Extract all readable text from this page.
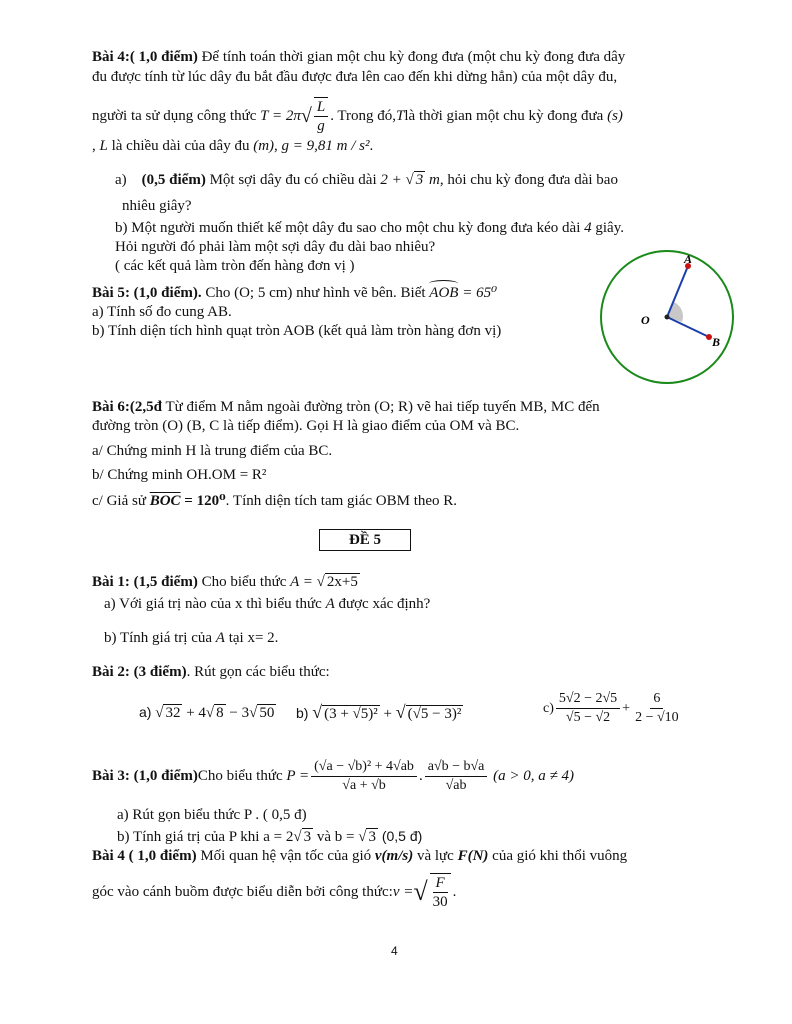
Bài 4:( 1,0 điểm) Để tính toán thời gian một chu kỳ đong đưa (một chu kỳ đong đưa dây
đu được tính từ lúc dây đu bắt đầu được đưa lên cao đến khi dừng hẳn) của một dây đu,
người ta sử dụng công thức
T = 2π √ $\frac{L}{g}$ . Trong đó, T là thời gian một chu kỳ đong đưa
(s)
, L là chiều dài của dây đu (m), g = 9,81 m / s².
a) (0,5 điểm) Một sợi dây đu có chiều dài 2 + √ 3 m, hỏi chu kỳ đong đưa dài bao
nhiêu giây?
b) Một người muốn thiết kế một dây đu sao cho một chu kỳ đong đưa kéo dài 4 giây.
Hỏi người đó phải làm một sợi dây đu dài bao nhiêu?
( các kết quả làm tròn đến hàng đơn vị )
Bài 5: (1,0 điểm). Cho (O; 5 cm) như hình vẽ bên. Biết
AOB = 65⁰
a) Tính số đo cung AB.
b) Tính diện tích hình quạt tròn AOB (kết quả làm tròn hàng đơn vị)
A
O
B
Bài 6:(2,5đ Từ điểm M nằm ngoài đường tròn (O; R) vẽ hai tiếp tuyến MB, MC đến
đường tròn (O) (B, C là tiếp điểm). Gọi H là giao điểm của OM và BC.
a/ Chứng minh H là trung điểm của BC.
b/ Chứng minh OH.OM = R²
c/ Giả sử $\overline{BOC} = 120^0$. Tính diện tích tam giác OBM theo R.
ĐỀ 5
Bài 1: (1,5 điểm) Cho biểu thức A = √ 2x+5
a) Với giá trị nào của x thì biểu thức A được xác định?
b) Tính giá trị của A tại x= 2.
Bài 2: (3 điểm). Rút gọn các biểu thức:
a) √ 32 + 4√ 8 − 3√ 50 b) √ (3 + √5)² + √ (√5 − 3)²	$c) \frac{5√2 - 2√5}{√5 - √2} + \frac{6}{2 - √10}$
Bài 3: (1,0 điểm) Cho biểu thức
$P = \frac{\text{(√a − √b)² + 4√ab}}{√a + √b}$ . $\frac{a√b - b√a}{√ab}$
(a > 0, a ≠ 4)
a) Rút gọn biểu thức P . ( 0,5 đ)
b) Tính giá trị của P khi a = 2√ 3 và b = √ 3 (0,5 đ)
Bài 4 ( 1,0 điểm) Mối quan hệ vận tốc của gió v(m/s) và lực F(N) của gió khi thổi vuông
góc vào cánh buồm được biểu diễn bởi công thức: v = √ $\frac{F}{30}$ .
4
